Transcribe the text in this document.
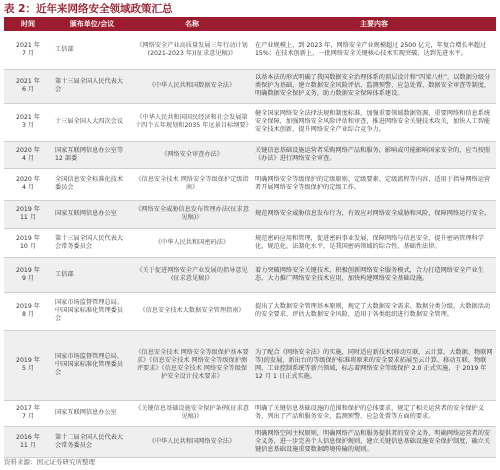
表 2：近年来网络安全领域政策汇总
时间	颁布单位/会议	名称	主要内容
2021 年
7 月	工信部	《网络安全产业高质量发展三年行动计划(2021-2023 年)(征求意见稿)》	在产业规模上，到 2023 年，网络安全产业规模超过 2500 亿元，年复合增长率超过 15%；在技术创新上，一批网络安全关键核心技术实现突破，达到先进水平。
2021 年
6 月	第十三届全国人民代表大会	《中华人民共和国数据安全法》	以基本法的形式明确了我国数据安全治理体系的顶层设计和“四梁八柱”，以数据分级分类保护为基础，建立数据安全风险评估、监测预警、应急处置、数据安全审查等制度，明确数据安全保护义务，助力数据安全保障体系建设。
2021 年
3 月	十三届全国人大四次会议	《中华人民共和国国民经济和社会发展第十四个五年规划和2035 年远景目标纲要》	健全国家网络安全法律法规和制度标准，加强重要领域数据资源、重要网络和信息系统安全保障，加强网络安全风险评估和审查，推进网络安全关键技术攻关，加快人工智能安全技术创新，提升网络安全产业综合竞争力。
2020 年
4 月	国家互联网信息办公室等 12 部委	《网络安全审查办法》	关键信息基础设施运营者采购网络产品和服务，影响或可能影响国家安全的，应当按照《办法》进行网络安全审查。
2020 年
4 月	全国信息安全标准化技术委员会	《信息安全技术 网络安全等级保护定级指南》	明确网络安全等级保护的定级原则、定级要素、定级流程等内容，适用于指导网络运营者开展网络安全等级保护的定级工作。
2019 年
11 月	国家互联网信息办公室	《网络安全威胁信息发布管理办法(征求意见稿)》	规范网络安全威胁信息发布行为，有效应对网络安全威胁和风险，保障网络运行安全。
2019 年
10 月	第十三届全国人民代表大会常务委员会	《中华人民共和国密码法》	规范密码应用和管理，促进密码事业发展，保障网络与信息安全，提升密码管理科学化、规范化、法制化水平，是我国密码领域的综合性、基础性法律。
2019 年
9 月	工信部	《关于促进网络安全产业发展的指导意见(征求意见稿)》	着力突破网络安全关键技术，积极创新网络安全服务模式，合力打造网络安全产业生态，大力推广网络安全技术应用，加快构建网络安全基础设施。
2019 年
8 月	国家市场监督管理总局、中国国家标准化管理委员会	《信息安全技术大数据安全管理指南》	提出了大数据安全管理基本原则，规定了大数据安全需求、数据分类分级、大数据活动的安全要求、评估大数据安全风险，适用于各类组织进行数据安全管理。
2019 年
5 月	国家市场监督管理总局、中国国家标准化管理委员会	《信息安全技术 网络安全等级保护基本要求》《信息安全技术 网络安全等级保护测评要求》《信息安全技术 网络安全等级保护安全设计技术要求》	为了配合《网络安全法》的实施，同时适应新技术(移动互联、云计算、大数据、物联网等)的发展，新出台的等级保护标准将原来的安全要求拓展至云计算、移动互联、物联网、工业控制系统等新兴领域，标志着网络安全等级保护 2.0 正式实施，于 2019 年 12 月 1 日正式实施。
2017 年
7 月	国家互联网信息办公室	《关键信息基础设施安全保护条例(征求意见稿)》	明确了关键信息基础设施的范围和保护的总体要求，规定了相关运营者的安全保护义务，列出了产品和服务安全、监测预警、应急处置等方面的要求。
2016 年
11 月	第十二届全国人民代表大会常务委员会	《中华人民共和国网络安全法》	明确网络空间主权原则，明确网络产品和服务提供者的安全义务，明确网络运营者的安全义务，进一步完善个人信息保护规则，建立关键信息基础设施安全保护制度，确立关键信息基础设施重要数据跨境传输的规则。
资料来源：国元证券研究所整理
